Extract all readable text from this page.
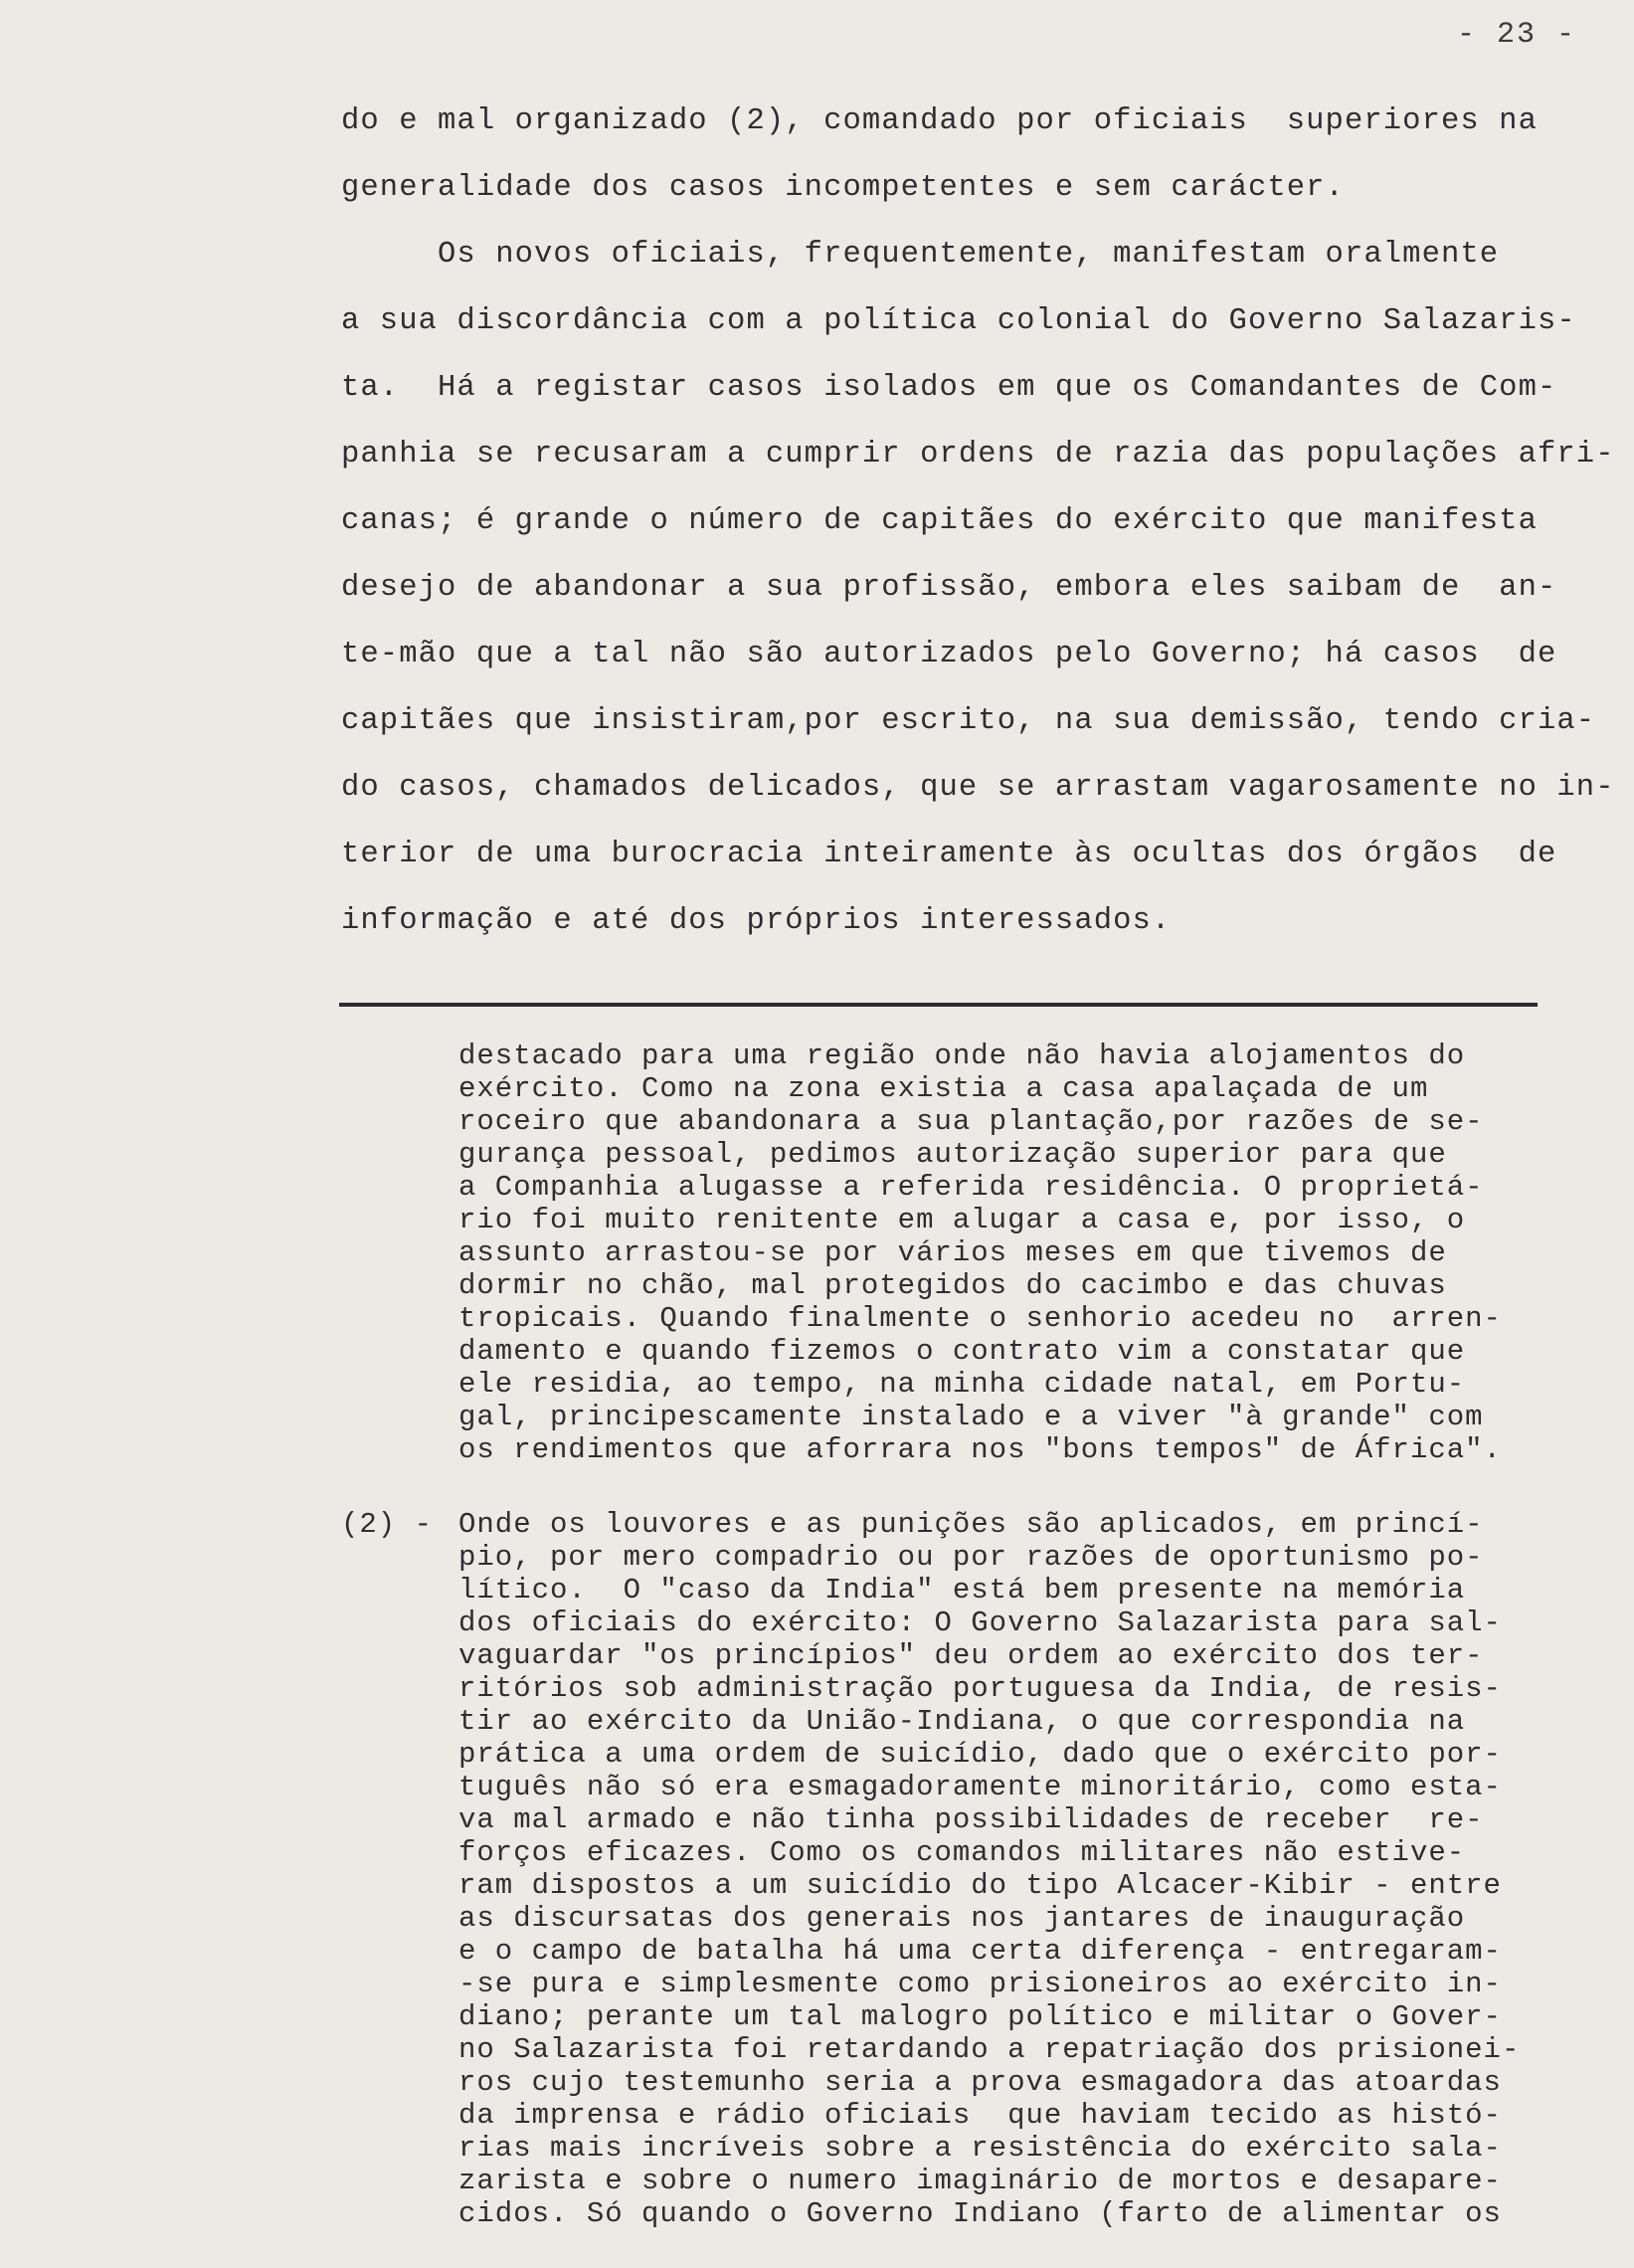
- 23 -
do e mal organizado (2), comandado por oficiais  superiores na
generalidade dos casos incompetentes e sem carácter.
Os novos oficiais, frequentemente, manifestam oralmente
a sua discordância com a política colonial do Governo Salazaris-
ta.  Há a registar casos isolados em que os Comandantes de Com-
panhia se recusaram a cumprir ordens de razia das populações afri-
canas; é grande o número de capitães do exército que manifesta
desejo de abandonar a sua profissão, embora eles saibam de  an-
te-mão que a tal não são autorizados pelo Governo; há casos  de
capitães que insistiram,por escrito, na sua demissão, tendo cria-
do casos, chamados delicados, que se arrastam vagarosamente no in-
terior de uma burocracia inteiramente às ocultas dos órgãos  de
informação e até dos próprios interessados.
destacado para uma região onde não havia alojamentos do
exército. Como na zona existia a casa apalaçada de um
roceiro que abandonara a sua plantação,por razões de se-
gurança pessoal, pedimos autorização superior para que
a Companhia alugasse a referida residência. O proprietá-
rio foi muito renitente em alugar a casa e, por isso, o
assunto arrastou-se por vários meses em que tivemos de
dormir no chão, mal protegidos do cacimbo e das chuvas
tropicais. Quando finalmente o senhorio acedeu no  arren-
damento e quando fizemos o contrato vim a constatar que
ele residia, ao tempo, na minha cidade natal, em Portu-
gal, principescamente instalado e a viver "à grande" com
os rendimentos que aforrara nos "bons tempos" de África".
(2) - Onde os louvores e as punições são aplicados, em princí-
pio, por mero compadrio ou por razões de oportunismo po-
lítico.  O "caso da India" está bem presente na memória
dos oficiais do exército: O Governo Salazarista para sal-
vaguardar "os princípios" deu ordem ao exército dos ter-
ritórios sob administração portuguesa da India, de resis-
tir ao exército da União-Indiana, o que correspondia na
prática a uma ordem de suicídio, dado que o exército por-
tuguês não só era esmagadoramente minoritário, como esta-
va mal armado e não tinha possibilidades de receber  re-
forços eficazes. Como os comandos militares não estive-
ram dispostos a um suicídio do tipo Alcacer-Kibir - entre
as discursatas dos generais nos jantares de inauguração
e o campo de batalha há uma certa diferença - entregaram-
-se pura e simplesmente como prisioneiros ao exército in-
diano; perante um tal malogro político e militar o Gover-
no Salazarista foi retardando a repatriação dos prisionei-
ros cujo testemunho seria a prova esmagadora das atoardas
da imprensa e rádio oficiais  que haviam tecido as histó-
rias mais incríveis sobre a resistência do exército sala-
zarista e sobre o numero imaginário de mortos e desapare-
cidos. Só quando o Governo Indiano (farto de alimentar os
